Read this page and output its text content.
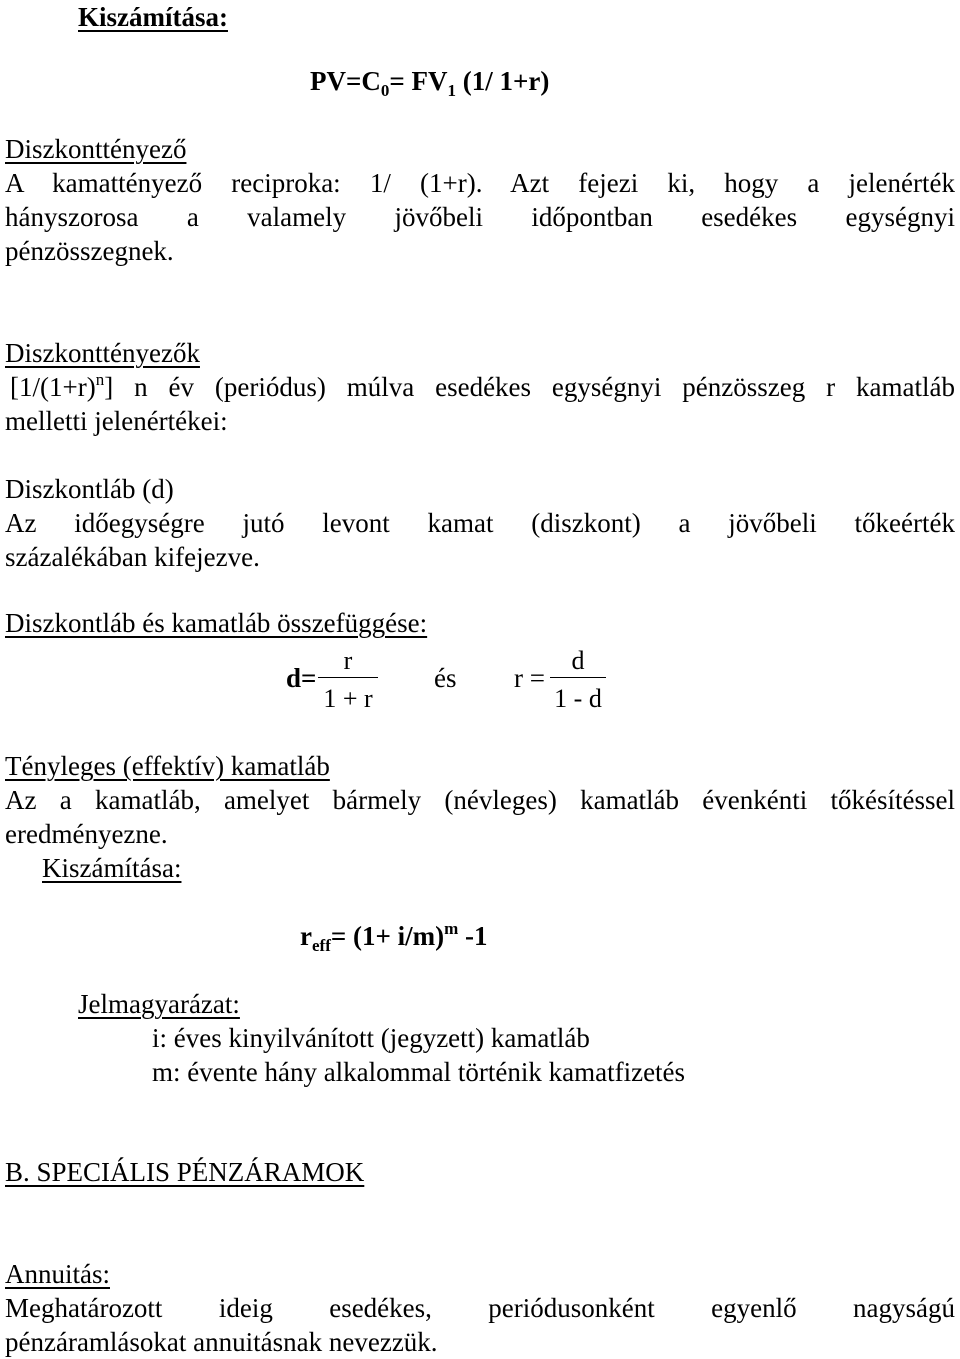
Kiszámítása:
$PV=C_0= FV_1$ (1/ 1+r)
Diszkonttényező
A kamattényező reciproka: 1/ (1+r). Azt fejezi ki, hogy a jelenérték
hányszorosa a valamely jövőbeli időpontban esedékes egységnyi
pénzösszegnek.
Diszkonttényezők
$[1/(1+r)^n]$ n év (periódus) múlva esedékes egységnyi pénzösszeg r kamatláb
melletti jelenértékei:
Diszkontláb (d)
Az időegységre jutó levont kamat (diszkont) a jövőbeli tőkeérték
százalékában kifejezve.
Diszkontláb és kamatláb összefüggése:
d=
r
1 + r
és r =
d
1 - d
Tényleges (effektív) kamatláb
Az a kamatláb, amelyet bármely (névleges) kamatláb évenkénti tőkésítéssel
eredményezne.
Kiszámítása:
$r_{eff}= (1+ i/m)^m$ -1
Jelmagyarázat:
i: éves kinyilvánított (jegyzett) kamatláb
m: évente hány alkalommal történik kamatfizetés
B. SPECIÁLIS PÉNZÁRAMOK
Annuitás:
Meghatározott ideig esedékes, periódusonként egyenlő nagyságú
pénzáramlásokat annuitásnak nevezzük.
